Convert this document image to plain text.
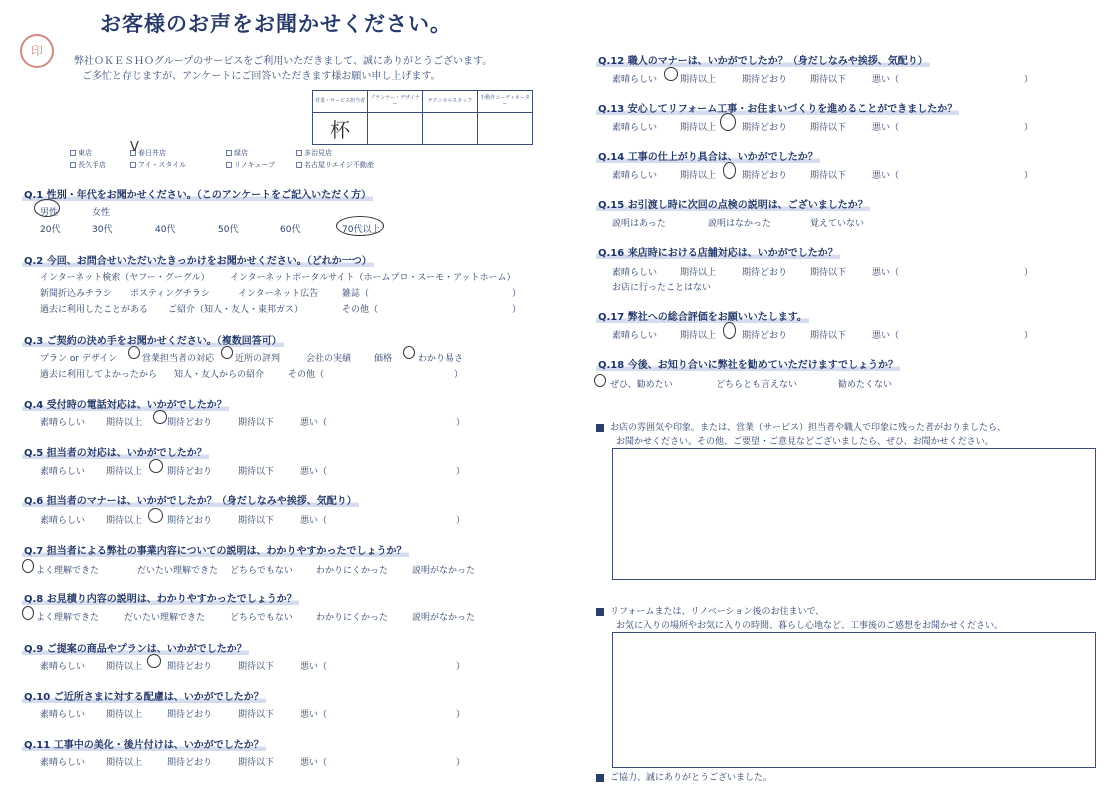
お客様のお声をお聞かせください。
印
弊社ＯＫＥＳＨＯグループのサービスをご利用いただきまして、誠にありがとうございます。
ご多忙と存じますが、アンケートにご回答いただきます様お願い申し上げます。
営業・サービス担当者	プランナー・デザイナー	テクニカルスタッフ	手動作コーディネーター
杯			
東店	春日井店
V	緑店	多治見店
長久手店	アイ・スタイル	リノキューブ	名古屋リエイジ不動産
Q.1 性別・年代をお聞かせください。（このアンケートをご記入いただく方）
男性	女性
20代	30代	40代	50代	60代	70代以上
Q.2 今回、お問合せいただいたきっかけをお聞かせください。（どれか一つ）
インターネット検索（ヤフー・グーグル） インターネットポータルサイト（ホームプロ・スーモ・アットホーム）
新聞折込みチラシ ポスティングチラシ	インターネット広告	雑誌（	）
過去に利用したことがある ご紹介（知人・友人・東邦ガス）	その他（	）
Q.3 ご契約の決め手をお聞かせください。（複数回答可）
プラン or デザイン	営業担当者の対応 近所の評判	会社の実績	価格	わかり易さ
過去に利用してよかったから 知人・友人からの紹介	その他（	）
Q.4 受付時の電話対応は、いかがでしたか？
素晴らしい 期待以上	期待どおり	期待以下	悪い（	）
Q.5 担当者の対応は、いかがでしたか？
素晴らしい 期待以上	期待どおり	期待以下	悪い（	）
Q.6 担当者のマナーは、いかがでしたか？（身だしなみや挨拶、気配り）
素晴らしい 期待以上	期待どおり	期待以下	悪い（	）
Q.7 担当者による弊社の事業内容についての説明は、わかりやすかったでしょうか？
よく理解できた	だいたい理解できた どちらでもない	わかりにくかった	説明がなかった
Q.8 お見積り内容の説明は、わかりやすかったでしょうか？
よく理解できた	だいたい理解できた	どちらでもない	わかりにくかった	説明がなかった
Q.9 ご提案の商品やプランは、いかがでしたか？
素晴らしい 期待以上	期待どおり	期待以下	悪い（	）
Q.10 ご近所さまに対する配慮は、いかがでしたか？
素晴らしい 期待以上	期待どおり	期待以下	悪い（	）
Q.11 工事中の美化・後片付けは、いかがでしたか？
素晴らしい 期待以上	期待どおり	期待以下	悪い（	）
Q.12 職人のマナーは、いかがでしたか？（身だしなみや挨拶、気配り）
素晴らしい	期待以上	期待どおり	期待以下	悪い（	）
Q.13 安心してリフォーム工事・お住まいづくりを進めることができましたか？
素晴らしい	期待以上	期待どおり	期待以下	悪い（	）
Q.14 工事の仕上がり具合は、いかがでしたか？
素晴らしい	期待以上	期待どおり	期待以下	悪い（	）
Q.15 お引渡し時に次回の点検の説明は、ございましたか？
説明はあった	説明はなかった	覚えていない
Q.16 来店時における店舗対応は、いかがでしたか？
素晴らしい	期待以上	期待どおり	期待以下	悪い（	）
お店に行ったことはない
Q.17 弊社への総合評価をお願いいたします。
素晴らしい	期待以上	期待どおり	期待以下	悪い（	）
Q.18 今後、お知り合いに弊社を勧めていただけますでしょうか？
ぜひ、勧めたい	どちらとも言えない	勧めたくない
お店の雰囲気や印象。または、営業（サービス）担当者や職人で印象に残った者がおりましたら、
お聞かせください。その他、ご要望・ご意見などございましたら、ぜひ、お聞かせください。
リフォームまたは、リノベーション後のお住まいで、
お気に入りの場所やお気に入りの時間、暮らし心地など、工事後のご感想をお聞かせください。
ご協力、誠にありがとうございました。
